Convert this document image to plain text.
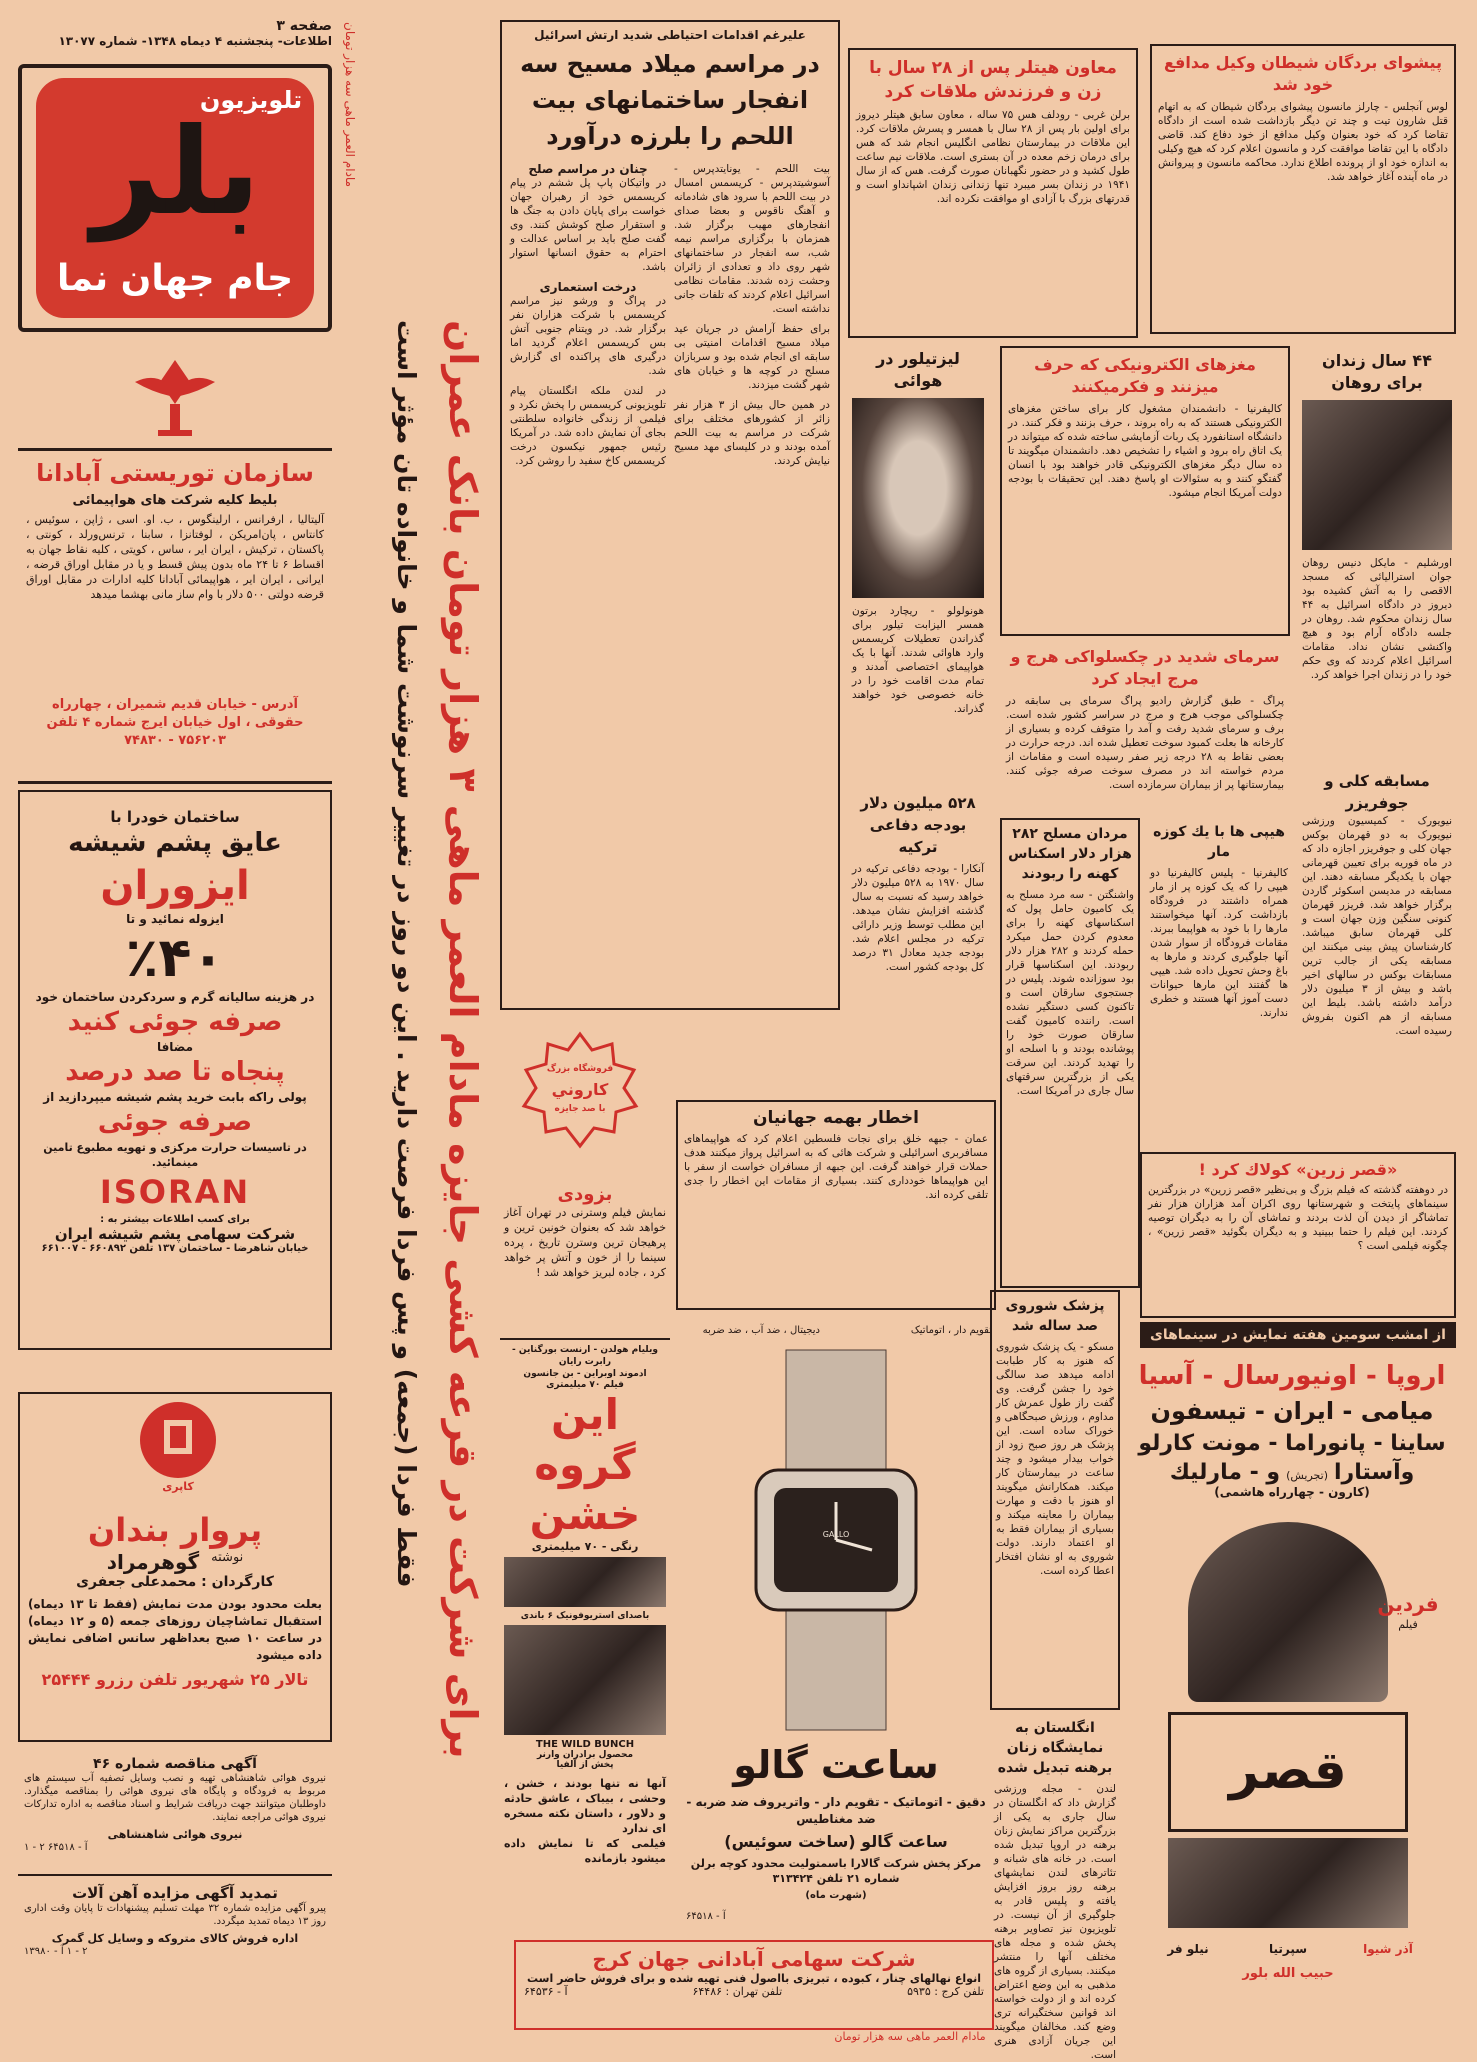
مادام العمر ماهی سه هزار تومان
مادام العمر ماهی سه هزار تومان
صفحه ۳
اطلاعات- پنجشنبه ۴ دیماه ۱۳۴۸- شماره ۱۳۰۷۷
تلویزیون
بلر
جام جهان نما
سازمان توریستی آبادانا
بلیط کلیه شرکت های هواپیمائی
آلیتالیا ، ارفرانس ، ارلینگوس ، ب. او. اسی ، ژاپن ، سوئیس ، کانتاس ، پان‌امریکن ، لوفتانزا ، سابنا ، ترنس‌ورلد ، کونتی ، پاکستان ، ترکیش ، ایران ایر ، ساس ، کویتی ، کلیه نقاط جهان به اقساط ۶ تا ۲۴ ماه بدون پیش قسط و یا در مقابل اوراق قرضه ، ایرانی ، ایران ایر ، هواپیمائی آبادانا کلیه ادارات در مقابل اوراق قرضه دولتی ۵۰۰ دلار با وام ساز مانی بهشما میدهد
آدرس - خیابان قدیم شمیران ، چهارراه حقوقی ، اول خیابان ایرج شماره ۴ تلفن ۷۵۶۲۰۳ - ۷۴۸۳۰
ساختمان خودرا با
عایق پشم شیشه
ایزوران
ایزوله نمائید و تا
٪۴۰
در هزینه سالیانه گرم و سردکردن ساختمان خود
صرفه جوئی کنید
مضافا
پنجاه تا صد درصد
پولی راکه بابت خرید پشم شیشه میپردازید از
صرفه جوئی
در تاسیسات حرارت مرکزی و تهویه مطبوع تامین مینمائید.
ISORAN
برای کسب اطلاعات بیشتر به :
شرکت سهامی پشم شیشه ایران
خیابان شاهرضا - ساختمان ۱۳۷ تلفن ۶۶۰۸۹۲ - ۶۶۱۰۰۷
کاپری
پروار بندان
نوشته
گوهرمراد
کارگردان : محمدعلی جعفری
بعلت محدود بودن مدت نمایش (فقط تا ۱۳ دیماه) استقبال تماشاچیان روزهای جمعه (۵ و ۱۲ دیماه) در ساعت ۱۰ صبح بعداظهر سانس اضافی نمایش داده میشود
تالار ۲۵ شهریور تلفن رزرو ۲۵۴۴۴
آگهی مناقصه شماره ۴۶
نیروی هوائی شاهنشاهی تهیه و نصب وسایل تصفیه آب سیستم های مربوط به فرودگاه و پایگاه های نیروی هوائی را بمناقصه میگذارد. داوطلبان میتوانند جهت دریافت شرایط و اسناد مناقصه به اداره تدارکات نیروی هوائی مراجعه نمایند.
نیروی هوائی شاهنشاهی
آ - ۶۴۵۱۸ ۲ - ۱
تمدید آگهی مزایده آهن آلات
پیرو آگهی مزایده شماره ۳۲ مهلت تسلیم پیشنهادات تا پایان وقت اداری روز ۱۳ دیماه تمدید میگردد.
اداره فروش کالای متروکه و وسایل کل گمرک
۲ - ۱ آ - ۱۳۹۸۰
برای شرکت در قرعه کشی جایزه مادام العمر ماهی ۳ هزار تومان بانک عمران
فقط فردا (جمعه) و پس فردا فرصت دارید . این دو روز در تغییر سرنوشت شما و خانواده تان مؤثر است
علیرغم اقدامات احتیاطی شدید ارتش اسرائیل
در مراسم میلاد مسیح سه انفجار ساختمانهای بیت اللحم را بلرزه درآورد
بیت اللحم - یونایتدپرس - آسوشیتدپرس - کریسمس امسال در بیت اللحم با سرود های شادمانه و آهنگ ناقوس و بعضا صدای انفجارهای مهیب برگزار شد. همزمان با برگزاری مراسم نیمه شب، سه انفجار در ساختمانهای شهر روی داد و تعدادی از زائران وحشت زده شدند. مقامات نظامی اسرائیل اعلام کردند که تلفات جانی نداشته است.
برای حفظ آرامش در جریان عید میلاد مسیح اقدامات امنیتی بی سابقه ای انجام شده بود و سربازان مسلح در کوچه ها و خیابان های شهر گشت میزدند.
در همین حال بیش از ۳ هزار نفر زائر از کشورهای مختلف برای شرکت در مراسم به بیت اللحم آمده بودند و در کلیسای مهد مسیح نیایش کردند.
چنان در مراسم صلح
در واتیکان پاپ پل ششم در پیام کریسمس خود از رهبران جهان خواست برای پایان دادن به جنگ ها و استقرار صلح کوشش کنند. وی گفت صلح باید بر اساس عدالت و احترام به حقوق انسانها استوار باشد.
درخت استعماری
در پراگ و ورشو نیز مراسم کریسمس با شرکت هزاران نفر برگزار شد. در ویتنام جنوبی آتش بس کریسمس اعلام گردید اما درگیری های پراکنده ای گزارش شد.
در لندن ملکه انگلستان پیام تلویزیونی کریسمس را پخش نکرد و فیلمی از زندگی خانواده سلطنتی بجای آن نمایش داده شد. در آمریکا رئیس جمهور نیکسون درخت کریسمس کاخ سفید را روشن کرد.
فروشگاه بزرگ
کاروني
با صد جایزه
بزودی
نمایش فیلم وسترنی در تهران آغاز خواهد شد که بعنوان خونین ترین و پرهیجان ترین وسترن تاریخ ، پرده سینما را از خون و آتش پر خواهد کرد ، جاده لبریز خواهد شد !
ویلیام هولدن - ارنست بورگناین - رابرت رایان
ادموند اوبراین - بن جانسون
فیلم ۷۰ میلیمتری
این گروه
خشن
رنگی - ۷۰ میلیمتری
باصدای استریوفونیک ۶ باندی
THE WILD BUNCH
محصول برادران وارنر
پخش از آلفیا
آنها نه تنها بودند ، خشن ، وحشی ، بیباک ، عاشق حادثه و دلاور ، داستان نکته مسخره ای ندارد
فیلمی که تا نمایش داده میشود بازمانده
معاون هیتلر پس از ۲۸ سال با زن و فرزندش ملاقات کرد
برلن غربی - رودلف هس ۷۵ ساله ، معاون سابق هیتلر دیروز برای اولین بار پس از ۲۸ سال با همسر و پسرش ملاقات کرد. این ملاقات در بیمارستان نظامی انگلیس انجام شد که هس برای درمان زخم معده در آن بستری است. ملاقات نیم ساعت طول کشید و در حضور نگهبانان صورت گرفت. هس که از سال ۱۹۴۱ در زندان بسر میبرد تنها زندانی زندان اشپانداو است و قدرتهای بزرگ با آزادی او موافقت نکرده اند.
لیزتیلور در هوائی
هونولولو - ریچارد برتون همسر الیزابت تیلور برای گذراندن تعطیلات کریسمس وارد هاوائی شدند. آنها با یک هواپیمای اختصاصی آمدند و تمام مدت اقامت خود را در خانه خصوصی خود خواهند گذراند.
۵۲۸ میلیون دلار بودجه دفاعی ترکیه
آنکارا - بودجه دفاعی ترکیه در سال ۱۹۷۰ به ۵۲۸ میلیون دلار خواهد رسید که نسبت به سال گذشته افزایش نشان میدهد. این مطلب توسط وزیر دارائی ترکیه در مجلس اعلام شد. بودجه جدید معادل ۳۱ درصد کل بودجه کشور است.
اخطار بهمه جهانیان
عمان - جبهه خلق برای نجات فلسطین اعلام کرد که هواپیماهای مسافربری اسرائیلی و شرکت هائی که به اسرائیل پرواز میکنند هدف حملات قرار خواهند گرفت. این جبهه از مسافران خواست از سفر با این هواپیماها خودداری کنند. بسیاری از مقامات این اخطار را جدی تلقی کرده اند.
GALLO
دیجیتال ، ضد آب ، ضد ضربه	تقویم دار ، اتوماتیک
ساعت گالو
دقیق - اتوماتیک - تقویم دار - واتریروف ضد ضربه - ضد مغناطیس
ساعت گالو (ساخت سوئیس)
مرکز پخش شرکت گالارا باسمتولیت محدود کوچه برلن شماره ۲۱ تلفن ۳۱۳۴۲۴
(شهرت ماه)
آ - ۶۴۵۱۸
شرکت سهامی آبادانی جهان کرج
انواع نهالهای چنار ، کبوده ، تبریزی بااصول فنی تهیه شده و برای فروش حاضر است
تلفن کرج : ۵۹۳۵
تلفن تهران : ۶۴۴۸۶
آ - ۶۴۵۳۶
پیشوای بردگان شیطان وکیل مدافع خود شد
لوس آنجلس - چارلز مانسون پیشوای بردگان شیطان که به اتهام قتل شارون تیت و چند تن دیگر بازداشت شده است از دادگاه تقاضا کرد که خود بعنوان وکیل مدافع از خود دفاع کند. قاضی دادگاه با این تقاضا موافقت کرد و مانسون اعلام کرد که هیچ وکیلی به اندازه خود او از پرونده اطلاع ندارد. محاکمه مانسون و پیروانش در ماه آینده آغاز خواهد شد.
مغزهای الکترونیکی که حرف میزنند و فکرمیکنند
کالیفرنیا - دانشمندان مشغول کار برای ساختن مغزهای الکترونیکی هستند که به راه بروند ، حرف بزنند و فکر کنند. در دانشگاه استانفورد یک ربات آزمایشی ساخته شده که میتواند در یک اتاق راه برود و اشیاء را تشخیص دهد. دانشمندان میگویند تا ده سال دیگر مغزهای الکترونیکی قادر خواهند بود با انسان گفتگو کنند و به سئوالات او پاسخ دهند. این تحقیقات با بودجه دولت آمریکا انجام میشود.
۴۴ سال زندان برای روهان
اورشلیم - مایکل دنیس روهان جوان استرالیائی که مسجد الاقصی را به آتش کشیده بود دیروز در دادگاه اسرائیل به ۴۴ سال زندان محکوم شد. روهان در جلسه دادگاه آرام بود و هیچ واکنشی نشان نداد. مقامات اسرائیل اعلام کردند که وی حکم خود را در زندان اجرا خواهد کرد.
سرمای شدید در چکسلواکی هرج و مرج ایجاد کرد
پراگ - طبق گزارش رادیو پراگ سرمای بی سابقه در چکسلواکی موجب هرج و مرج در سراسر کشور شده است. برف و سرمای شدید رفت و آمد را متوقف کرده و بسیاری از کارخانه ها بعلت کمبود سوخت تعطیل شده اند. درجه حرارت در بعضی نقاط به ۲۸ درجه زیر صفر رسیده است و مقامات از مردم خواسته اند در مصرف سوخت صرفه جوئی کنند. بیمارستانها پر از بیماران سرمازده است.	مسابقه کلی و جوفریزر
نیویورک - کمیسیون ورزشی نیویورک به دو قهرمان بوکس جهان کلی و جوفریزر اجازه داد که در ماه فوریه برای تعیین قهرمانی جهان با یکدیگر مسابقه دهند. این مسابقه در مدیسن اسکوئر گاردن برگزار خواهد شد. فریزر قهرمان کنونی سنگین وزن جهان است و کلی قهرمان سابق میباشد. کارشناسان پیش بینی میکنند این مسابقه یکی از جالب ترین مسابقات بوکس در سالهای اخیر باشد و بیش از ۳ میلیون دلار درآمد داشته باشد. بلیط این مسابقه از هم اکنون بفروش رسیده است.
مردان مسلح ۲۸۲ هزار دلار اسکناس کهنه را ربودند
واشنگتن - سه مرد مسلح به یک کامیون حامل پول که اسکناسهای کهنه را برای معدوم کردن حمل میکرد حمله کردند و ۲۸۲ هزار دلار ربودند. این اسکناسها قرار بود سوزانده شوند. پلیس در جستجوی سارقان است و تاکنون کسی دستگیر نشده است. راننده کامیون گفت سارقان صورت خود را پوشانده بودند و با اسلحه او را تهدید کردند. این سرقت یکی از بزرگترین سرقتهای سال جاری در آمریکا است.
هیپی ها با یك کوزه مار
کالیفرنیا - پلیس کالیفرنیا دو هیپی را که یک کوزه پر از مار همراه داشتند در فرودگاه بازداشت کرد. آنها میخواستند مارها را با خود به هواپیما ببرند. مقامات فرودگاه از سوار شدن آنها جلوگیری کردند و مارها به باغ وحش تحویل داده شد. هیپی ها گفتند این مارها حیوانات دست آموز آنها هستند و خطری ندارند.
«قصر زرین» کولاك کرد !
در دوهفته گذشته که فیلم بزرگ و بی‌نظیر «قصر زرین» در بزرگترین سینماهای پایتخت و شهرستانها روی اکران آمد هزاران هزار نفر تماشاگر از دیدن آن لذت بردند و تماشای آن را به دیگران توصیه کردند. این فیلم را حتما ببینید و به دیگران بگوئید «قصر زرین» ، چگونه فیلمی است ؟
از امشب سومین هفته نمایش در سینماهای
پزشک شوروی صد ساله شد
مسکو - یک پزشک شوروی که هنوز به کار طبابت ادامه میدهد صد سالگی خود را جشن گرفت. وی گفت راز طول عمرش کار مداوم ، ورزش صبحگاهی و خوراک ساده است. این پزشک هر روز صبح زود از خواب بیدار میشود و چند ساعت در بیمارستان کار میکند. همکارانش میگویند او هنوز با دقت و مهارت بیماران را معاینه میکند و بسیاری از بیماران فقط به او اعتماد دارند. دولت شوروی به او نشان افتخار اعطا کرده است.
انگلستان به نمایشگاه زنان برهنه تبدیل شده
لندن - مجله ورزشی گزارش داد که انگلستان در سال جاری به یکی از بزرگترین مراکز نمایش زنان برهنه در اروپا تبدیل شده است. در خانه های شبانه و تئاترهای لندن نمایشهای برهنه روز بروز افزایش یافته و پلیس قادر به جلوگیری از آن نیست. در تلویزیون نیز تصاویر برهنه پخش شده و مجله های مختلف آنها را منتشر میکنند. بسیاری از گروه های مذهبی به این وضع اعتراض کرده اند و از دولت خواسته اند قوانین سختگیرانه تری وضع کند. مخالفان میگویند این جریان آزادی هنری است.
اروپا - اونیورسال - آسیا
میامی - ایران - تیسفون
ساینا - پانوراما - مونت کارلو
وآستارا
(تجریش)
و - مارلیك
(کارون - چهارراه هاشمی)
فردین
فیلم
قصر
آذر شیوا
سپرتیا
نیلو فر
حبیب الله بلور
